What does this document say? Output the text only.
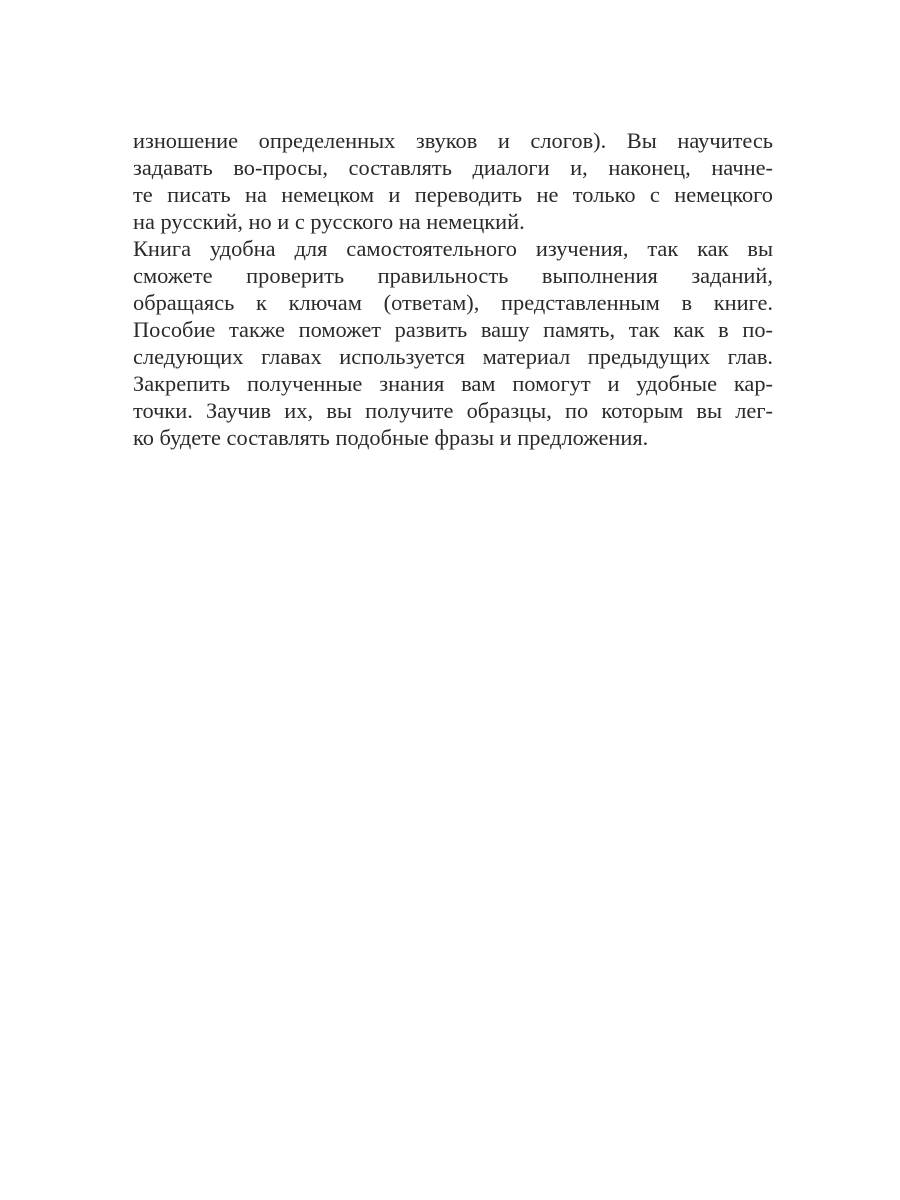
изношение определенных звуков и слогов). Вы научитесь
задавать во-просы, составлять диалоги и, наконец, начне-
те писать на немецком и переводить не только с немецкого
на русский, но и с русского на немецкий.
Книга удобна для самостоятельного изучения, так как вы
сможете проверить правильность выполнения заданий,
обращаясь к ключам (ответам), представленным в книге.
Пособие также поможет развить вашу память, так как в по-
следующих главах используется материал предыдущих глав.
Закрепить полученные знания вам помогут и удобные кар-
точки. Заучив их, вы получите образцы, по которым вы лег-
ко будете составлять подобные фразы и предложения.
